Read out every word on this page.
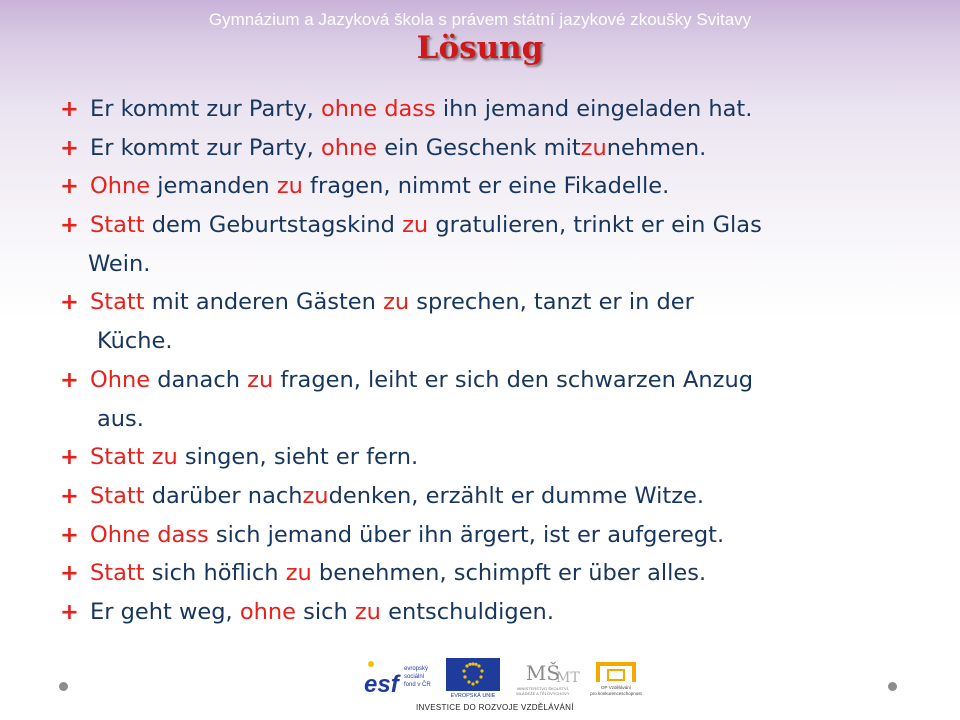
Gymnázium a Jazyková škola s právem státní jazykové zkoušky Svitavy
Lösung
+ Er kommt zur Party, ohne dass ihn jemand eingeladen hat.
+ Er kommt zur Party, ohne ein Geschenk mitzunehmen.
+ Ohne jemanden zu fragen, nimmt er eine Fikadelle.
+ Statt dem Geburtstagskind zu gratulieren, trinkt er ein Glas
Wein.
+ Statt mit anderen Gästen zu sprechen, tanzt er in der
Küche.
+ Ohne danach zu fragen, leiht er sich den schwarzen Anzug
aus.
+ Statt zu singen, sieht er fern.
+ Statt darüber nachzudenken, erzählt er dumme Witze.
+ Ohne dass sich jemand über ihn ärgert, ist er aufgeregt.
+ Statt sich höflich zu benehmen, schimpft er über alles.
+ Er geht weg, ohne sich zu entschuldigen.
esf
evropský
sociální
fond v ČR
EVROPSKÁ UNIE
MŠ
MT
MINISTERSTVO ŠKOLSTVÍ,
MLÁDEŽE A TĚLOVÝCHOVY
OP Vzdělávání
pro konkurenceschopnost
INVESTICE DO ROZVOJE VZDĚLÁVÁNÍ
